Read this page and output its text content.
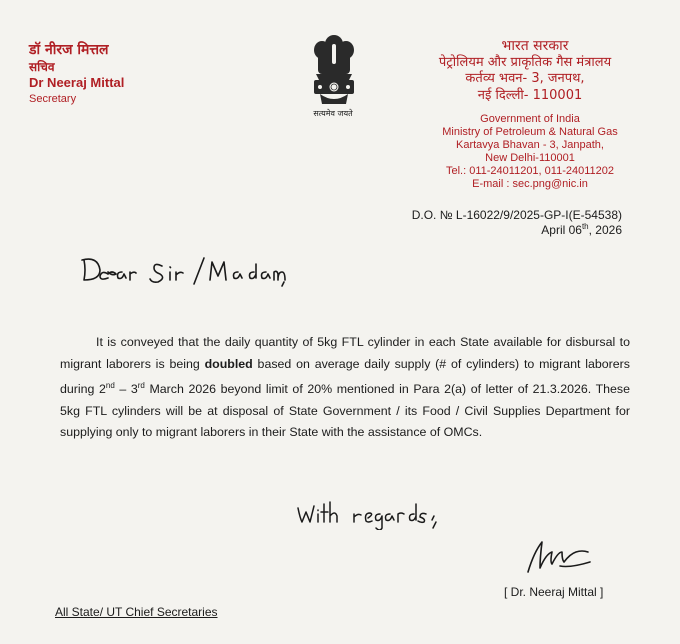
डॉ नीरज मित्तल
सचिव
Dr Neeraj Mittal
Secretary
सत्यमेव जयते
भारत सरकार
पेट्रोलियम और प्राकृतिक गैस मंत्रालय
कर्तव्य भवन- 3, जनपथ,
नई दिल्ली- 110001
Government of India
Ministry of Petroleum & Natural Gas
Kartavya Bhavan - 3, Janpath,
New Delhi-110001
Tel.: 011-24011201, 011-24011202
E-mail : sec.png@nic.in
D.O. № L-16022/9/2025-GP-I(E-54538)
April 06th, 2026

It is conveyed that the daily quantity of 5kg FTL cylinder in each State available for disbursal to migrant laborers is being doubled based on average daily supply (# of cylinders) to migrant laborers during 2nd – 3rd March 2026 beyond limit of 20% mentioned in Para 2(a) of letter of 21.3.2026. These 5kg FTL cylinders will be at disposal of State Government / its Food / Civil Supplies Department for supplying only to migrant laborers in their State with the assistance of OMCs.

[ Dr. Neeraj Mittal ]
All State/ UT Chief Secretaries
